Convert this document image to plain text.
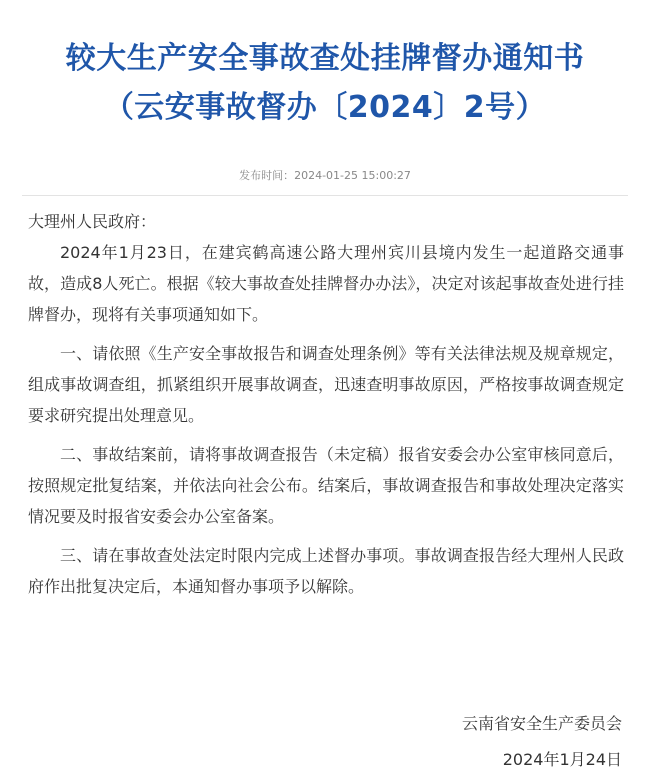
较大生产安全事故查处挂牌督办通知书
（云安事故督办〔2024〕2号）
发布时间：2024-01-25 15:00:27

大理州人民政府：

2024年1月23日，在建宾鹤高速公路大理州宾川县境内发生一起道路交通事故，造成8人死亡。根据《较大事故查处挂牌督办办法》，决定对该起事故查处进行挂牌督办，现将有关事项通知如下。

一、请依照《生产安全事故报告和调查处理条例》等有关法律法规及规章规定，组成事故调查组，抓紧组织开展事故调查，迅速查明事故原因，严格按事故调查规定要求研究提出处理意见。

二、事故结案前，请将事故调查报告（未定稿）报省安委会办公室审核同意后，按照规定批复结案，并依法向社会公布。结案后，事故调查报告和事故处理决定落实情况要及时报省安委会办公室备案。

三、请在事故查处法定时限内完成上述督办事项。事故调查报告经大理州人民政府作出批复决定后，本通知督办事项予以解除。

云南省安全生产委员会
2024年1月24日
